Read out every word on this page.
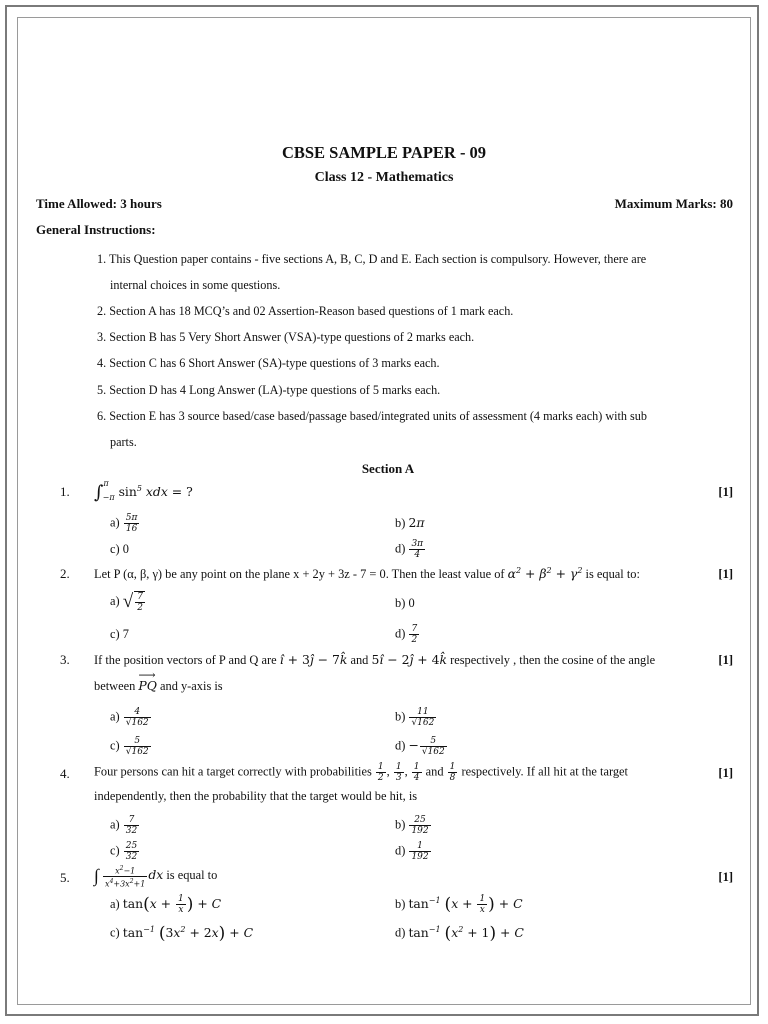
CBSE SAMPLE PAPER - 09
Class 12 - Mathematics
Time Allowed: 3 hours	Maximum Marks: 80
General Instructions:
1. This Question paper contains - five sections A, B, C, D and E. Each section is compulsory. However, there are
internal choices in some questions.
2. Section A has 18 MCQ’s and 02 Assertion-Reason based questions of 1 mark each.
3. Section B has 5 Very Short Answer (VSA)-type questions of 2 marks each.
4. Section C has 6 Short Answer (SA)-type questions of 3 marks each.
5. Section D has 4 Long Answer (LA)-type questions of 5 marks each.
6. Section E has 3 source based/case based/passage based/integrated units of assessment (4 marks each) with sub
parts.
Section A
1. ∫$^\pi_{-\pi}$ $\sin^5$ xdx = ?	[1]
$a) \frac{5\pi}{16}$	b) 2π
c) 0	$d) \frac{3\pi}{4}$
2. Let P (α, β, γ) be any point on the plane x + 2y + 3z - 7 = 0. Then the least value of $\alpha^2 + \beta^2 + \gamma^2$ is equal to:	[1]
a) √ $\frac{7}{2}$	b) 0
c) 7	$d) \frac{7}{2}$
3. If the position vectors of P and Q are î + 3ĵ − 7k̂ and 5î − 2ĵ + 4k̂ respectively , then the cosine of the angle	[1]
between PQ
⟶
and y-axis is
$a) \frac{4}{√162}$	$b) \frac{11}{√162}$
$c) \frac{5}{√162}$	$d) - \frac{5}{√162}$
4. Four persons can hit a target correctly with probabilities $\frac{1}{2}$ , $\frac{1}{3}$ , $\frac{1}{4}$ and $\frac{1}{8}$ respectively. If all hit at the target	[1]
independently, then the probability that the target would be hit, is
$a) \frac{7}{32}$	$b) \frac{25}{192}$
$c) \frac{25}{32}$	$d) \frac{1}{192}$
5. ∫ $\frac{x^2-1}{x^4+3x^2+1}$ dx is equal to	[1]
a) $\tan(x + \frac{1}{x}$ ) + C	b) $\tan^{-1} (x + \frac{1}{x}$ ) + C
c) $\tan^{-1} (3x^2 + 2x) + C$	d) $\tan^{-1} (x^2 + 1) + C$
